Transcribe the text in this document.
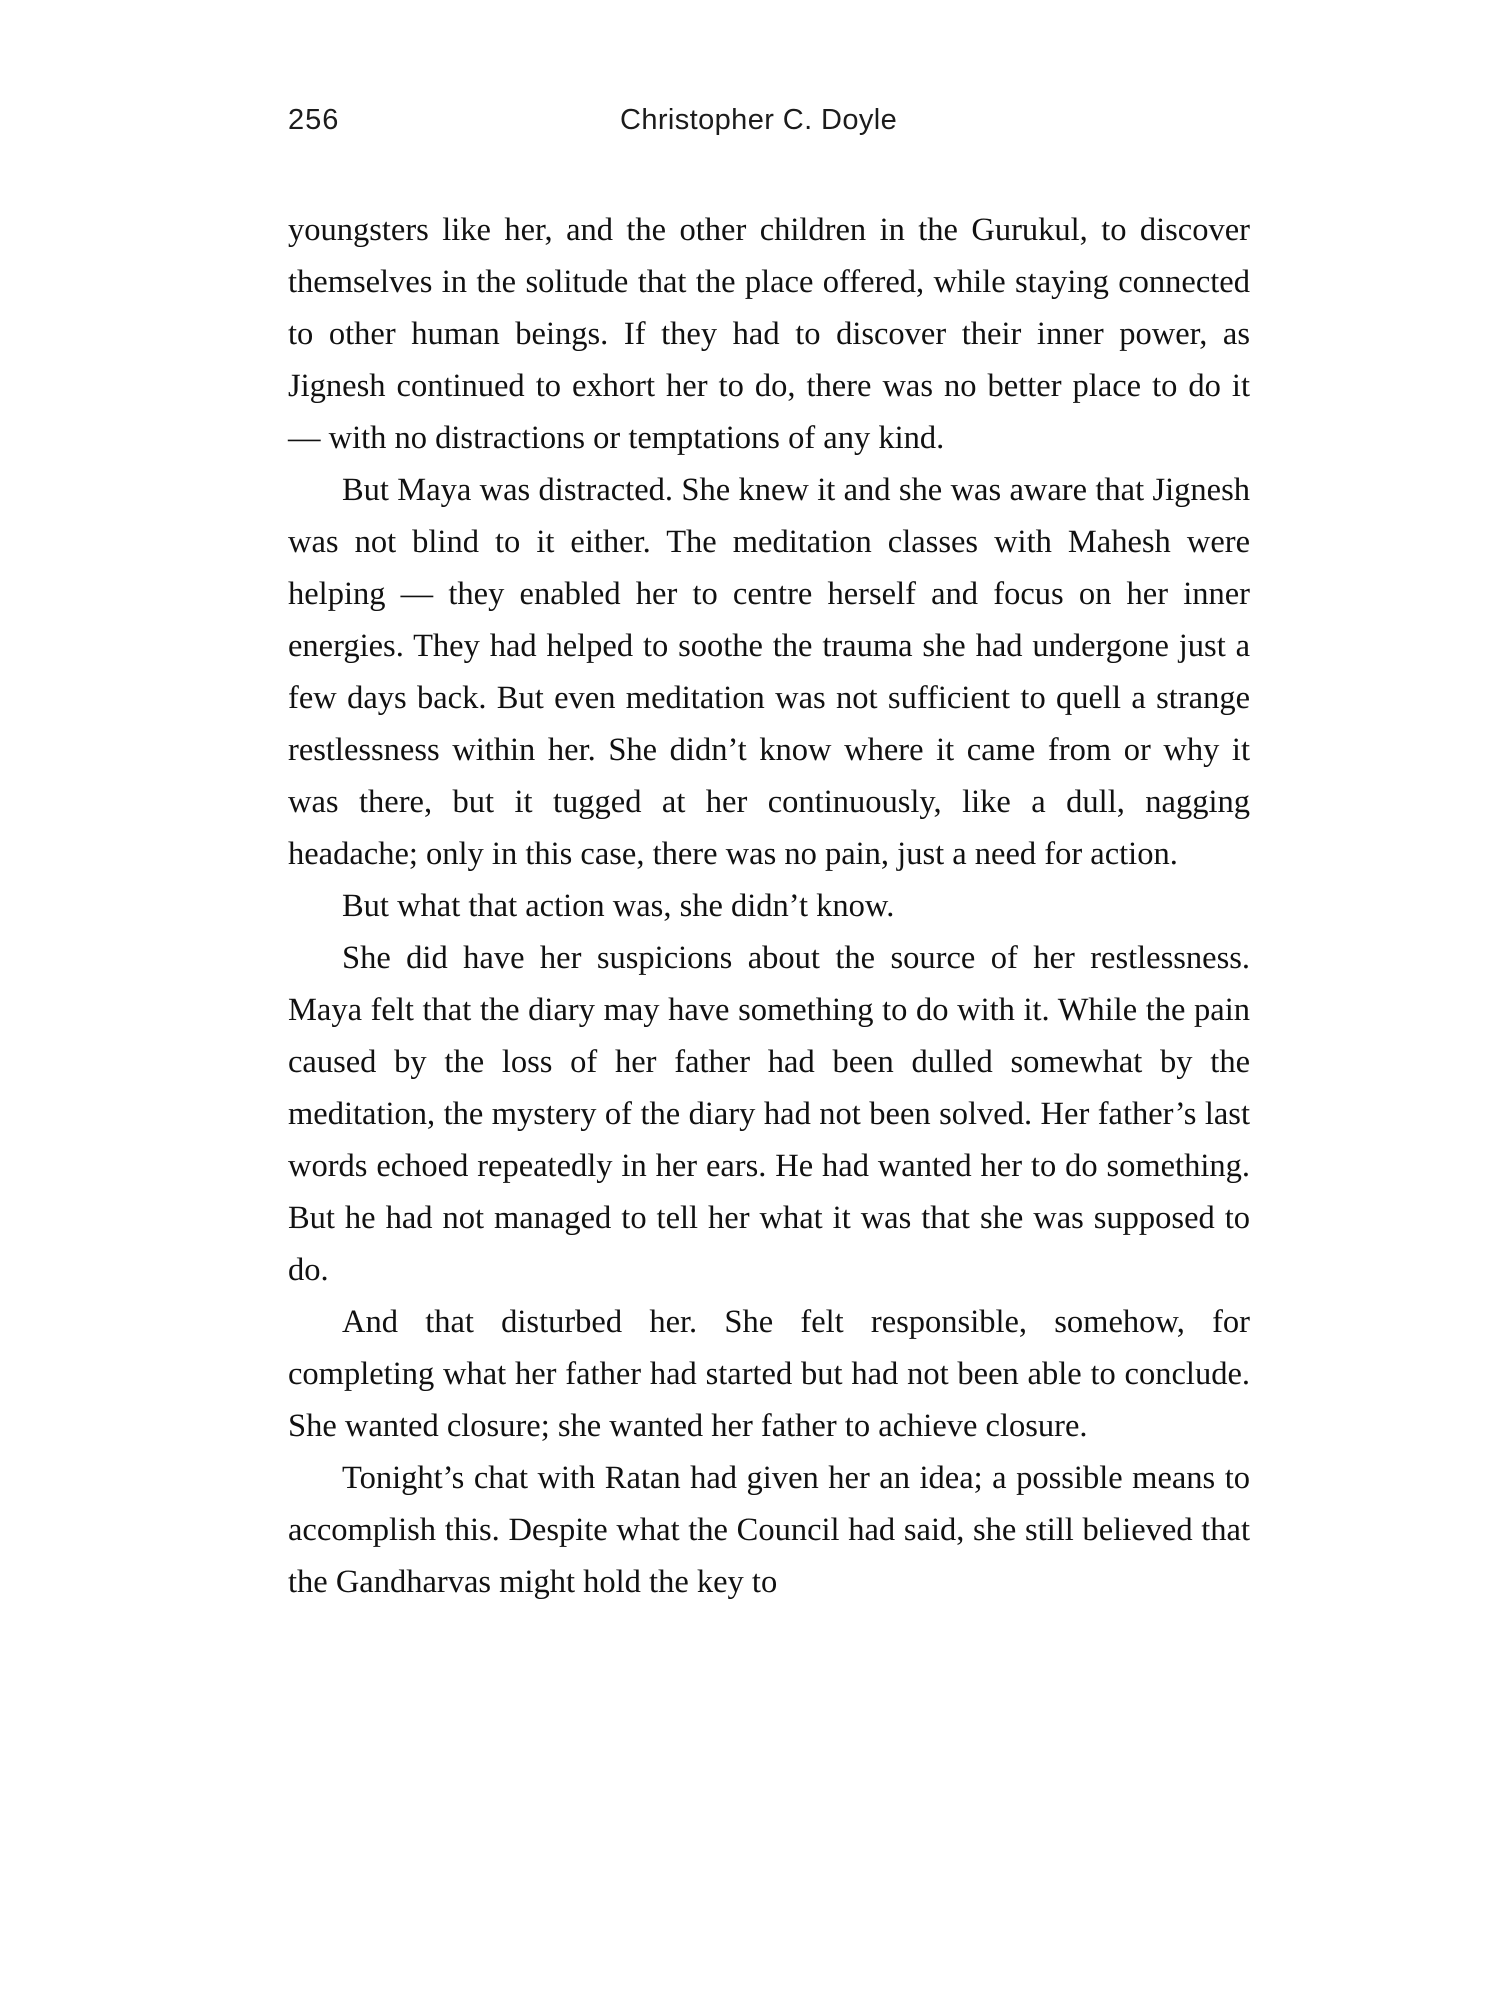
256	Christopher C. Doyle

youngsters like her, and the other children in the Gurukul, to discover themselves in the solitude that the place offered, while staying connected to other human beings. If they had to discover their inner power, as Jignesh continued to exhort her to do, there was no better place to do it — with no distractions or temptations of any kind.

But Maya was distracted. She knew it and she was aware that Jignesh was not blind to it either. The meditation classes with Mahesh were helping — they enabled her to centre herself and focus on her inner energies. They had helped to soothe the trauma she had undergone just a few days back. But even meditation was not sufficient to quell a strange restlessness within her. She didn’t know where it came from or why it was there, but it tugged at her continuously, like a dull, nagging headache; only in this case, there was no pain, just a need for action.

But what that action was, she didn’t know.

She did have her suspicions about the source of her restlessness. Maya felt that the diary may have something to do with it. While the pain caused by the loss of her father had been dulled somewhat by the meditation, the mystery of the diary had not been solved. Her father’s last words echoed repeatedly in her ears. He had wanted her to do something. But he had not managed to tell her what it was that she was supposed to do.

And that disturbed her. She felt responsible, somehow, for completing what her father had started but had not been able to conclude. She wanted closure; she wanted her father to achieve closure.

Tonight’s chat with Ratan had given her an idea; a possible means to accomplish this. Despite what the Council had said, she still believed that the Gandharvas might hold the key to
